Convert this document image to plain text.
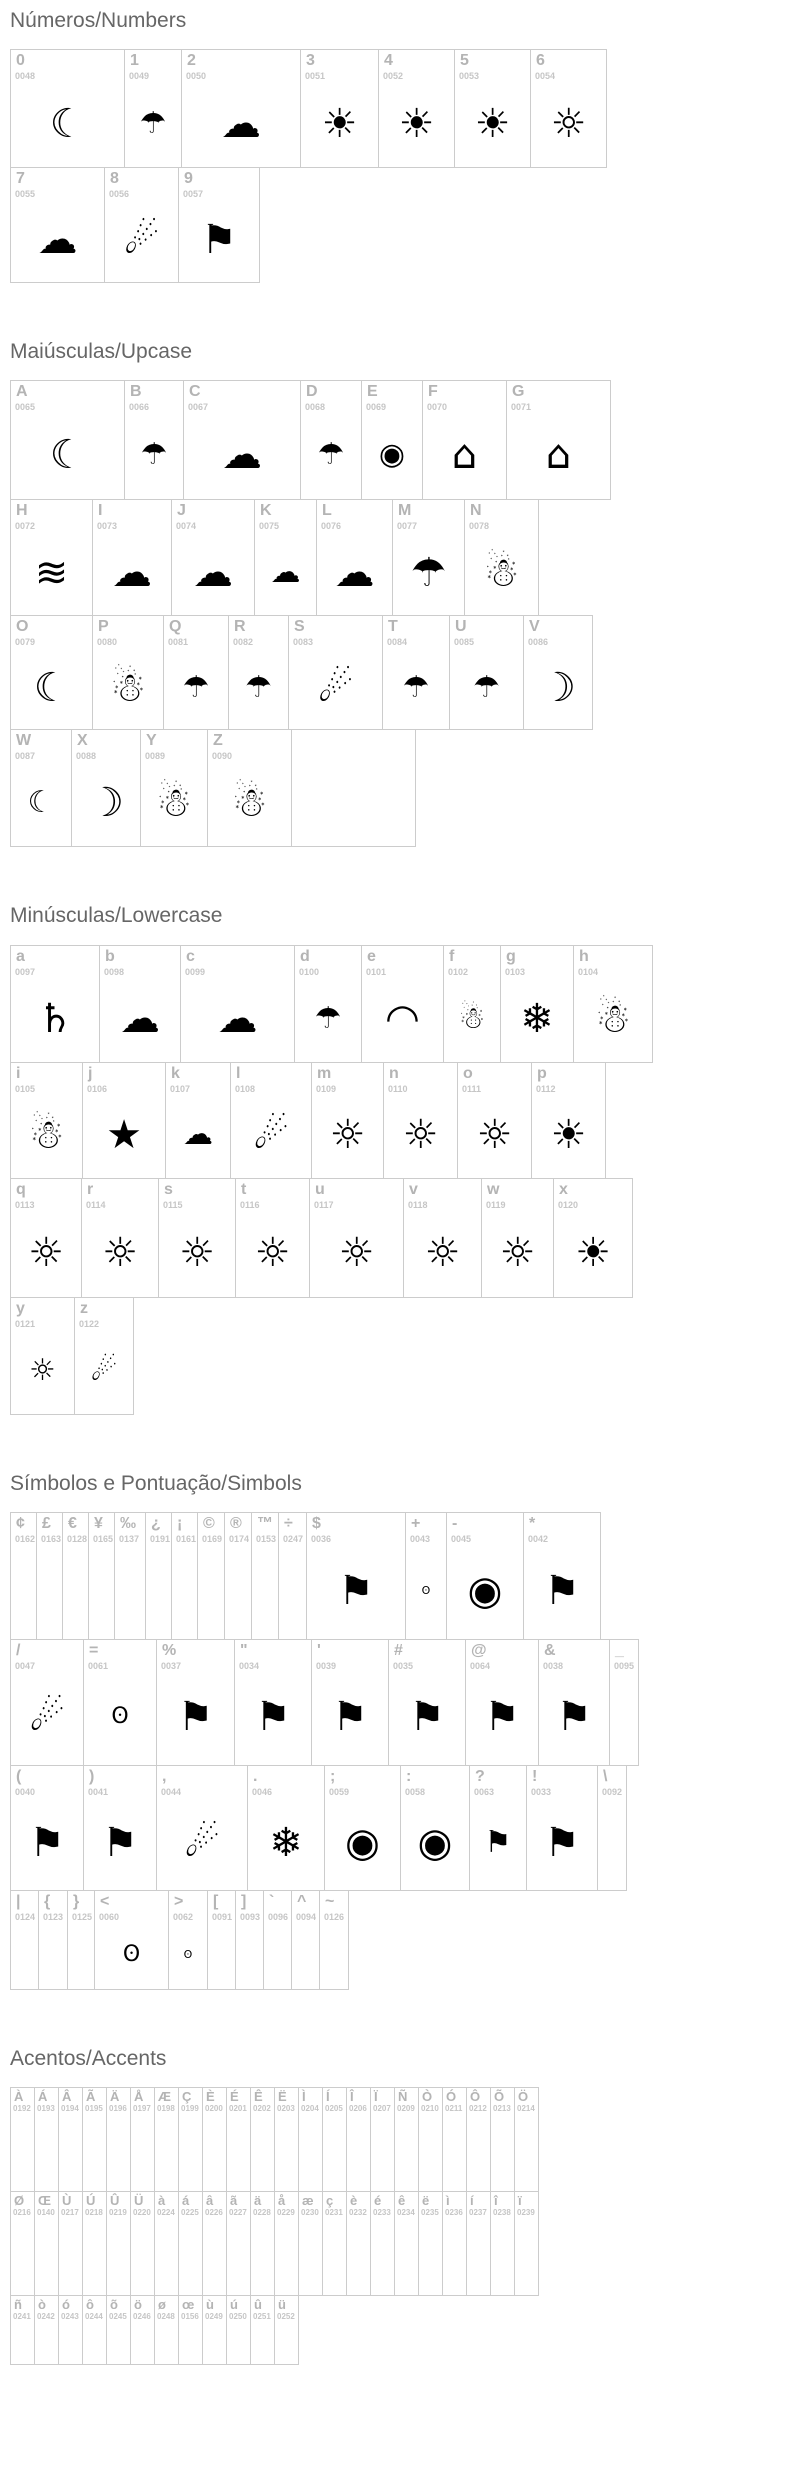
Números/Numbers
0
0048
☾
1
0049
☂
2
0050
☁
3
0051
☀
4
0052
☀
5
0053
☀
6
0054
☼
7
0055
☁
8
0056
☄
9
0057
⚑
Maiúsculas/Upcase
A
0065
☾
B
0066
☂
C
0067
☁
D
0068
☂
E
0069
◉
F
0070
⌂
G
0071
⌂
H
0072
≋
I
0073
☁
J
0074
☁
K
0075
☁
L
0076
☁
M
0077
☂
N
0078
☃
O
0079
☾
P
0080
☃
Q
0081
☂
R
0082
☂
S
0083
☄
T
0084
☂
U
0085
☂
V
0086
☽
W
0087
☾
X
0088
☽
Y
0089
☃
Z
0090
☃
Minúsculas/Lowercase
a
0097
♄
b
0098
☁
c
0099
☁
d
0100
☂
e
0101
◠
f
0102
☃
g
0103
❄
h
0104
☃
i
0105
☃
j
0106
★
k
0107
☁
l
0108
☄
m
0109
☼
n
0110
☼
o
0111
☼
p
0112
☀
q
0113
☼
r
0114
☼
s
0115
☼
t
0116
☼
u
0117
☼
v
0118
☼
w
0119
☼
x
0120
☀
y
0121
☼
z
0122
☄
Símbolos e Pontuação/Simbols
¢
0162
£
0163
€
0128
¥
0165
‰
0137
¿
0191
¡
0161
©
0169
®
0174
™
0153
÷
0247
$
0036
⚑
+
0043
ʘ
-
0045
◉
*
0042
⚑
/
0047
☄
=
0061
ʘ
%
0037
⚑
"
0034
⚑
'
0039
⚑
#
0035
⚑
@
0064
⚑
&
0038
⚑
_
0095
(
0040
⚑
)
0041
⚑
,
0044
☄
.
0046
❄
;
0059
◉
:
0058
◉
?
0063
⚑
!
0033
⚑
\
0092
|
0124
{
0123
}
0125
<
0060
ʘ
>
0062
ʘ
[
0091
]
0093
`
0096
^
0094
~
0126
Acentos/Accents
À
0192
Á
0193
Â
0194
Ã
0195
Ä
0196
Å
0197
Æ
0198
Ç
0199
È
0200
É
0201
Ê
0202
Ë
0203
Ì
0204
Í
0205
Î
0206
Ï
0207
Ñ
0209
Ò
0210
Ó
0211
Ô
0212
Õ
0213
Ö
0214
Ø
0216
Œ
0140
Ù
0217
Ú
0218
Û
0219
Ü
0220
à
0224
á
0225
â
0226
ã
0227
ä
0228
å
0229
æ
0230
ç
0231
è
0232
é
0233
ê
0234
ë
0235
ì
0236
í
0237
î
0238
ï
0239
ñ
0241
ò
0242
ó
0243
ô
0244
õ
0245
ö
0246
ø
0248
œ
0156
ù
0249
ú
0250
û
0251
ü
0252
